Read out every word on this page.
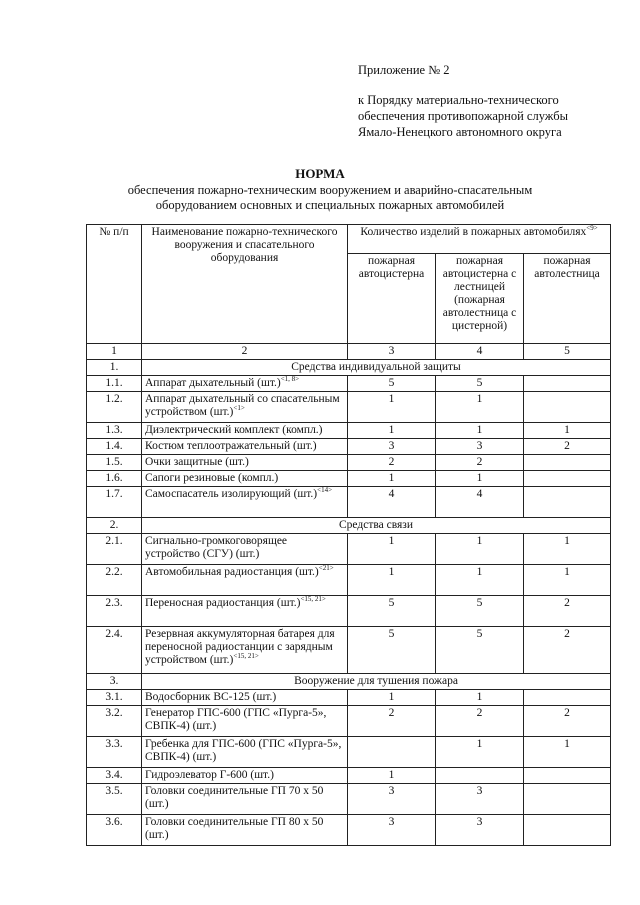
Приложение № 2
к Порядку материально-технического
обеспечения противопожарной службы
Ямало-Ненецкого автономного округа
НОРМА
обеспечения пожарно-техническим вооружением и аварийно-спасательным
оборудованием основных и специальных пожарных автомобилей
№ п/п	Наименование пожарно-технического вооружения и спасательного оборудования	Количество изделий в пожарных автомобилях$^{<9>}$
		пожарная автоцистерна	пожарная автоцистерна с лестницей (пожарная автолестница с цистерной)	пожарная автолестница
1	2	3	4	5
1.	Средства индивидуальной защиты			
1.1.	Аппарат дыхательный $(шт.)^{<1, 8>}$	5	5	
1.2.	Аппарат дыхательный со спасательным устройством $(шт.)^{<1>}$	1	1	
1.3.	Диэлектрический комплект (компл.)	1	1	1
1.4.	Костюм теплоотражательный (шт.)	3	3	2
1.5.	Очки защитные (шт.)	2	2	
1.6.	Сапоги резиновые (компл.)	1	1	
1.7.	Самоспасатель изолирующий $(шт.)^{<14>}$	4	4	
2.	Средства связи			
2.1.	Сигнально-громкоговорящее устройство (СГУ) (шт.)	1	1	1
2.2.	Автомобильная радиостанция $(шт.)^{<21>}$	1	1	1
2.3.	Переносная радиостанция $(шт.)^{<15, 21>}$	5	5	2
2.4.	Резервная аккумуляторная батарея для переносной радиостанции с зарядным устройством $(шт.)^{<15, 21>}$	5	5	2
3.	Вооружение для тушения пожара			
3.1.	Водосборник ВС-125 (шт.)	1	1	
3.2.	Генератор ГПС-600 (ГПС «Пурга-5», СВПК-4) (шт.)	2	2	2
3.3.	Гребенка для ГПС-600 (ГПС «Пурга-5», СВПК-4) (шт.)		1	1
3.4.	Гидроэлеватор Г-600 (шт.)	1		
3.5.	Головки соединительные ГП 70 х 50 (шт.)	3	3	
3.6.	Головки соединительные ГП 80 х 50 (шт.)	3	3	
